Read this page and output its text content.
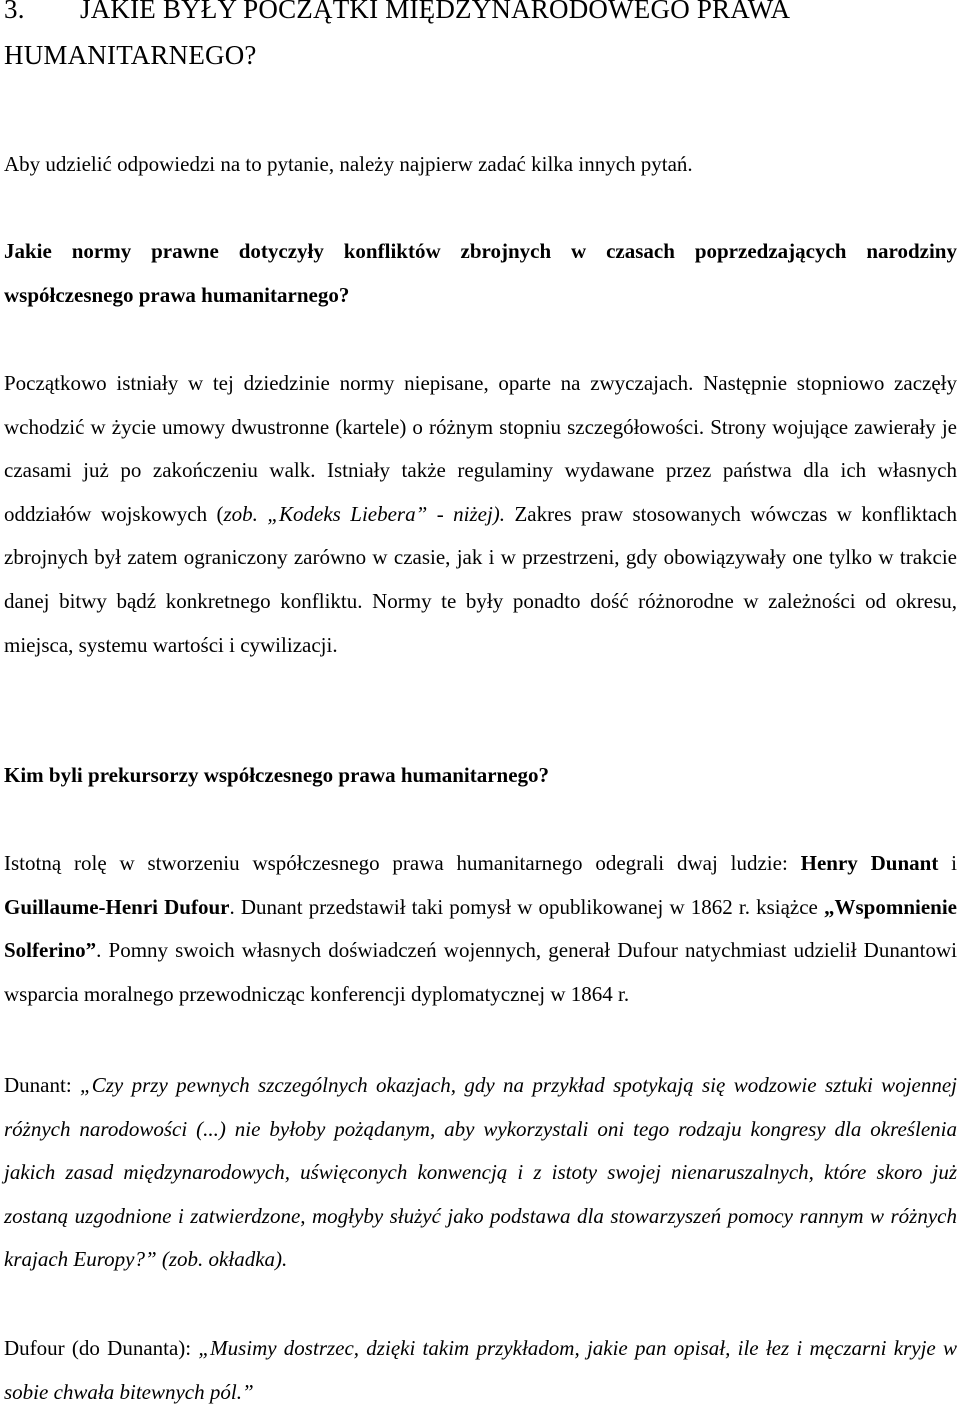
3. JAKIE BYŁY POCZĄTKI MIĘDZYNARODOWEGO PRAWA HUMANITARNEGO?

Aby udzielić odpowiedzi na to pytanie, należy najpierw zadać kilka innych pytań.

Jakie normy prawne dotyczyły konfliktów zbrojnych w czasach poprzedzających narodziny współczesnego prawa humanitarnego?

Początkowo istniały w tej dziedzinie normy niepisane, oparte na zwyczajach. Następnie stopniowo zaczęły wchodzić w życie umowy dwustronne (kartele) o różnym stopniu szczegółowości. Strony wojujące zawierały je czasami już po zakończeniu walk. Istniały także regulaminy wydawane przez państwa dla ich własnych oddziałów wojskowych (zob. „Kodeks Liebera” - niżej). Zakres praw stosowanych wówczas w konfliktach zbrojnych był zatem ograniczony zarówno w czasie, jak i w przestrzeni, gdy obowiązywały one tylko w trakcie danej bitwy bądź konkretnego konfliktu. Normy te były ponadto dość różnorodne w zależności od okresu, miejsca, systemu wartości i cywilizacji.

Kim byli prekursorzy współczesnego prawa humanitarnego?

Istotną rolę w stworzeniu współczesnego prawa humanitarnego odegrali dwaj ludzie: Henry Dunant i Guillaume-Henri Dufour. Dunant przedstawił taki pomysł w opublikowanej w 1862 r. książce „Wspomnienie Solferino”. Pomny swoich własnych doświadczeń wojennych, generał Dufour natychmiast udzielił Dunantowi wsparcia moralnego przewodnicząc konferencji dyplomatycznej w 1864 r.

Dunant: „Czy przy pewnych szczególnych okazjach, gdy na przykład spotykają się wodzowie sztuki wojennej różnych narodowości (...) nie byłoby pożądanym, aby wykorzystali oni tego rodzaju kongresy dla określenia jakich zasad międzynarodowych, uświęconych konwencją i z istoty swojej nienaruszalnych, które skoro już zostaną uzgodnione i zatwierdzone, mogłyby służyć jako podstawa dla stowarzyszeń pomocy rannym w różnych krajach Europy?” (zob. okładka).

Dufour (do Dunanta): „Musimy dostrzec, dzięki takim przykładom, jakie pan opisał, ile łez i męczarni kryje w sobie chwała bitewnych pól.”
